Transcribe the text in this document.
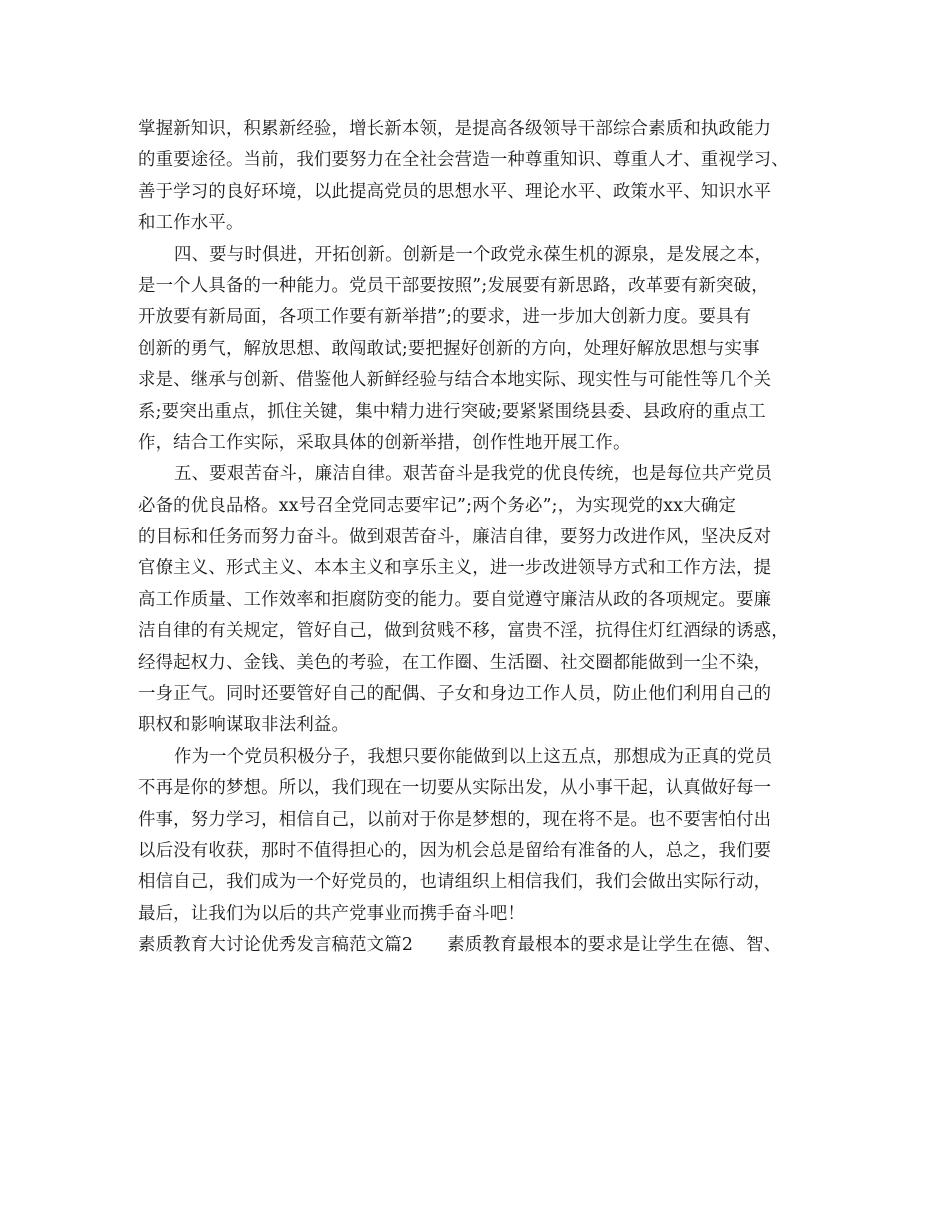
掌握新知识，积累新经验，增长新本领，是提高各级领导干部综合素质和执政能力
的重要途径。当前，我们要努力在全社会营造一种尊重知识、尊重人才、重视学习、
善于学习的良好环境，以此提高党员的思想水平、理论水平、政策水平、知识水平
和工作水平。
四、要与时俱进，开拓创新。创新是一个政党永葆生机的源泉，是发展之本，
是一个人具备的一种能力。党员干部要按照”;发展要有新思路，改革要有新突破，
开放要有新局面，各项工作要有新举措”;的要求，进一步加大创新力度。要具有
创新的勇气，解放思想、敢闯敢试;要把握好创新的方向，处理好解放思想与实事
求是、继承与创新、借鉴他人新鲜经验与结合本地实际、现实性与可能性等几个关
系;要突出重点，抓住关键，集中精力进行突破;要紧紧围绕县委、县政府的重点工
作，结合工作实际，采取具体的创新举措，创作性地开展工作。
五、要艰苦奋斗，廉洁自律。艰苦奋斗是我党的优良传统，也是每位共产党员
必备的优良品格。xx号召全党同志要牢记”;两个务必”;，为实现党的xx大确定
的目标和任务而努力奋斗。做到艰苦奋斗，廉洁自律，要努力改进作风，坚决反对
官僚主义、形式主义、本本主义和享乐主义，进一步改进领导方式和工作方法，提
高工作质量、工作效率和拒腐防变的能力。要自觉遵守廉洁从政的各项规定。要廉
洁自律的有关规定，管好自己，做到贫贱不移，富贵不淫，抗得住灯红酒绿的诱惑，
经得起权力、金钱、美色的考验，在工作圈、生活圈、社交圈都能做到一尘不染，
一身正气。同时还要管好自己的配偶、子女和身边工作人员，防止他们利用自己的
职权和影响谋取非法利益。
作为一个党员积极分子，我想只要你能做到以上这五点，那想成为正真的党员
不再是你的梦想。所以，我们现在一切要从实际出发，从小事干起，认真做好每一
件事，努力学习，相信自己，以前对于你是梦想的，现在将不是。也不要害怕付出
以后没有收获，那时不值得担心的，因为机会总是留给有准备的人，总之，我们要
相信自己，我们成为一个好党员的，也请组织上相信我们，我们会做出实际行动，
最后，让我们为以后的共产党事业而携手奋斗吧！
素质教育大讨论优秀发言稿范文篇2 素质教育最根本的要求是让学生在德、智、
